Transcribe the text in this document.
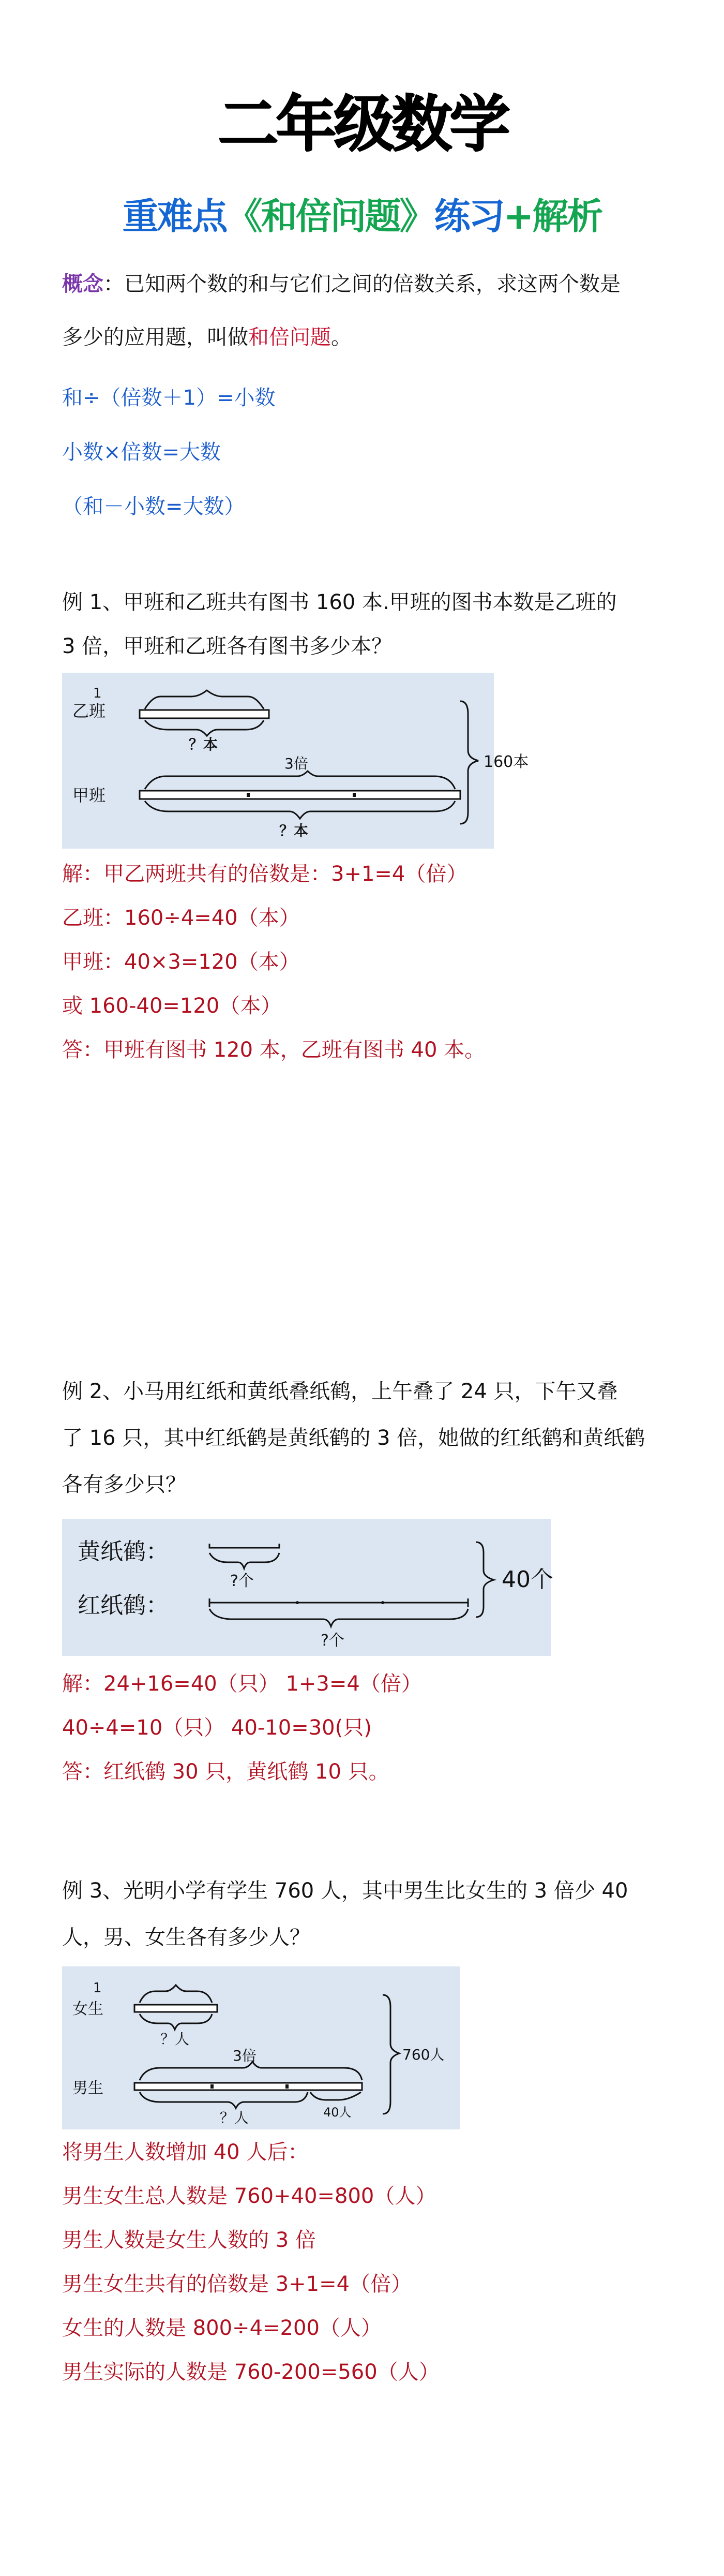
二年级数学
重难点《和倍问题》练习+解析
概念：已知两个数的和与它们之间的倍数关系，求这两个数是
多少的应用题，叫做和倍问题。
和÷（倍数＋1）=小数
小数×倍数=大数
（和－小数=大数）
例 1、甲班和乙班共有图书 160 本.甲班的图书本数是乙班的
3 倍，甲班和乙班各有图书多少本？
乙班
1
？本
3倍
甲班
？本
160本
解：甲乙两班共有的倍数是：3+1=4（倍）
乙班：160÷4=40（本）
甲班：40×3=120（本）
或 160-40=120（本）
答：甲班有图书 120 本，乙班有图书 40 本。
例 2、小马用红纸和黄纸叠纸鹤，上午叠了 24 只，下午又叠
了 16 只，其中红纸鹤是黄纸鹤的 3 倍，她做的红纸鹤和黄纸鹤
各有多少只？
黄纸鹤：
?个
红纸鹤：
?个
40个
解：24+16=40（只） 1+3=4（倍）
40÷4=10（只） 40-10=30(只)
答：红纸鹤 30 只，黄纸鹤 10 只。
例 3、光明小学有学生 760 人，其中男生比女生的 3 倍少 40
人，男、女生各有多少人？
1
女生
？人
3倍
男生
？人	40人
760人
将男生人数增加 40 人后：
男生女生总人数是 760+40=800（人）
男生人数是女生人数的 3 倍
男生女生共有的倍数是 3+1=4（倍）
女生的人数是 800÷4=200（人）
男生实际的人数是 760-200=560（人）
